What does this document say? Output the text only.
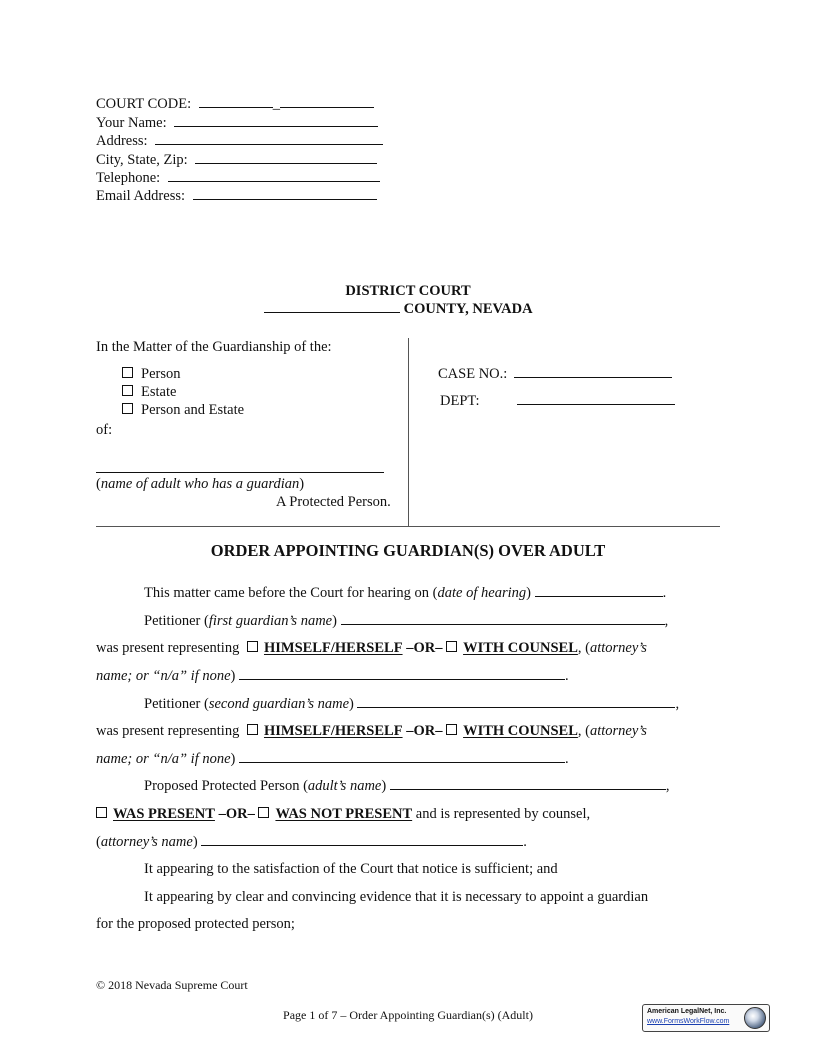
COURT CODE:	_
Your Name:
Address:
City, State, Zip:
Telephone:
Email Address:
DISTRICT COURT
COUNTY, NEVADA
In the Matter of the Guardianship of the:
Person
Estate
Person and Estate
of:
(name of adult who has a guardian)
A Protected Person.
CASE NO.:
DEPT:
ORDER APPOINTING GUARDIAN(S) OVER ADULT
This matter came before the Court for hearing on (date of hearing)	.
Petitioner (first guardian’s name)	,
was present representing HIMSELF/HERSELF –OR– WITH COUNSEL, (attorney’s
name; or “n/a” if none)	.
Petitioner (second guardian’s name)	,
was present representing HIMSELF/HERSELF –OR– WITH COUNSEL, (attorney’s
name; or “n/a” if none)	.
Proposed Protected Person (adult’s name)	,
WAS PRESENT –OR– WAS NOT PRESENT and is represented by counsel,
(attorney’s name)	.
It appearing to the satisfaction of the Court that notice is sufficient; and
It appearing by clear and convincing evidence that it is necessary to appoint a guardian
for the proposed protected person;
© 2018 Nevada Supreme Court
Page 1 of 7 – Order Appointing Guardian(s) (Adult)	American LegalNet, Inc.
www.FormsWorkFlow.com
